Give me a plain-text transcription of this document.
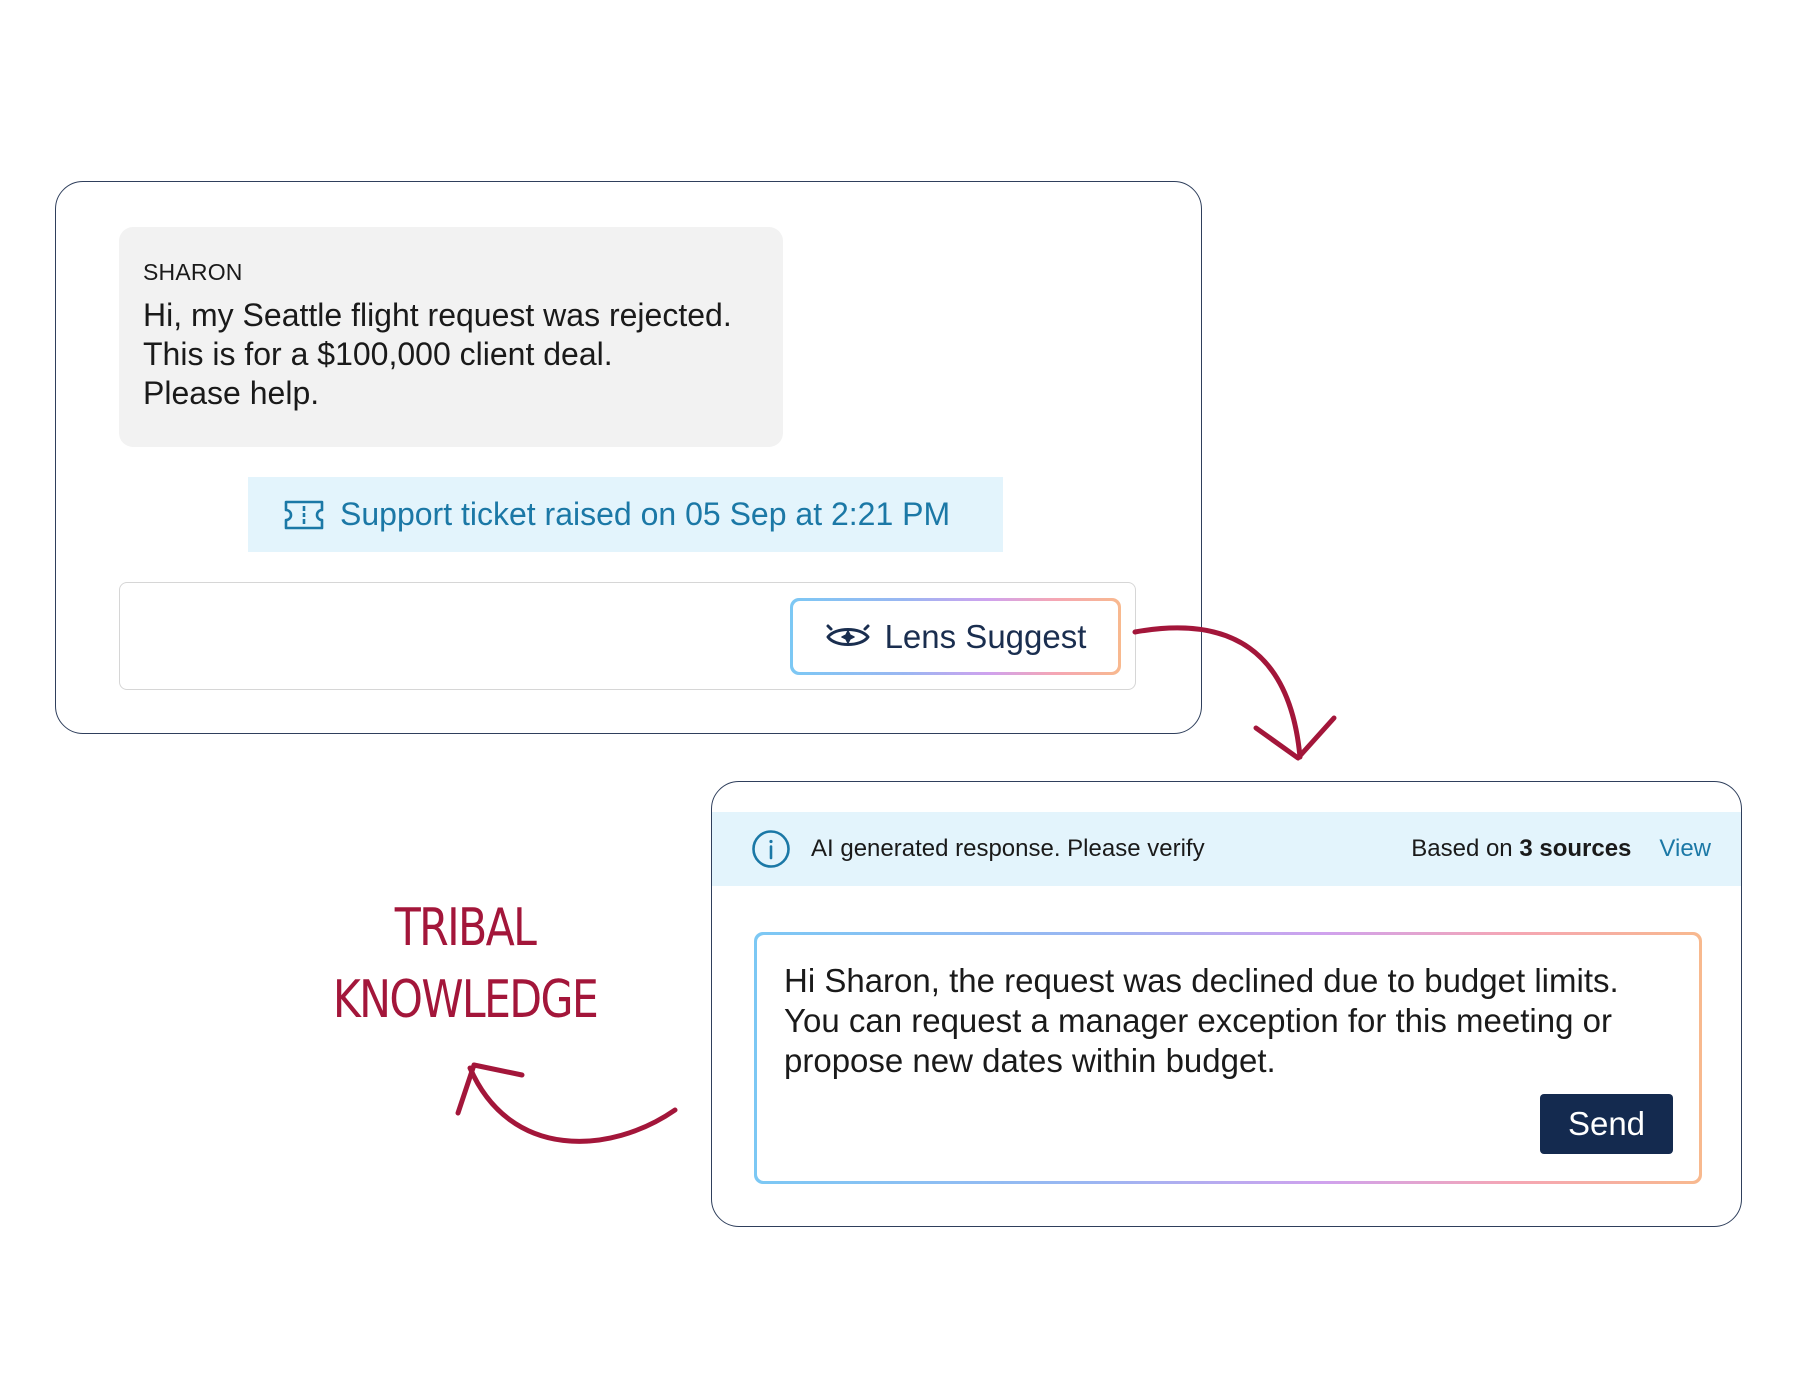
SHARON
Hi, my Seattle flight request was rejected.
This is for a $100,000 client deal.
Please help.
Support ticket raised on 05 Sep at 2:21 PM
Lens Suggest
AI generated response. Please verify	Based on 3 sources View
Hi Sharon, the request was declined due to budget limits.
You can request a manager exception for this meeting or
propose new dates within budget.
Send
TRIBAL
KNOWLEDGE
